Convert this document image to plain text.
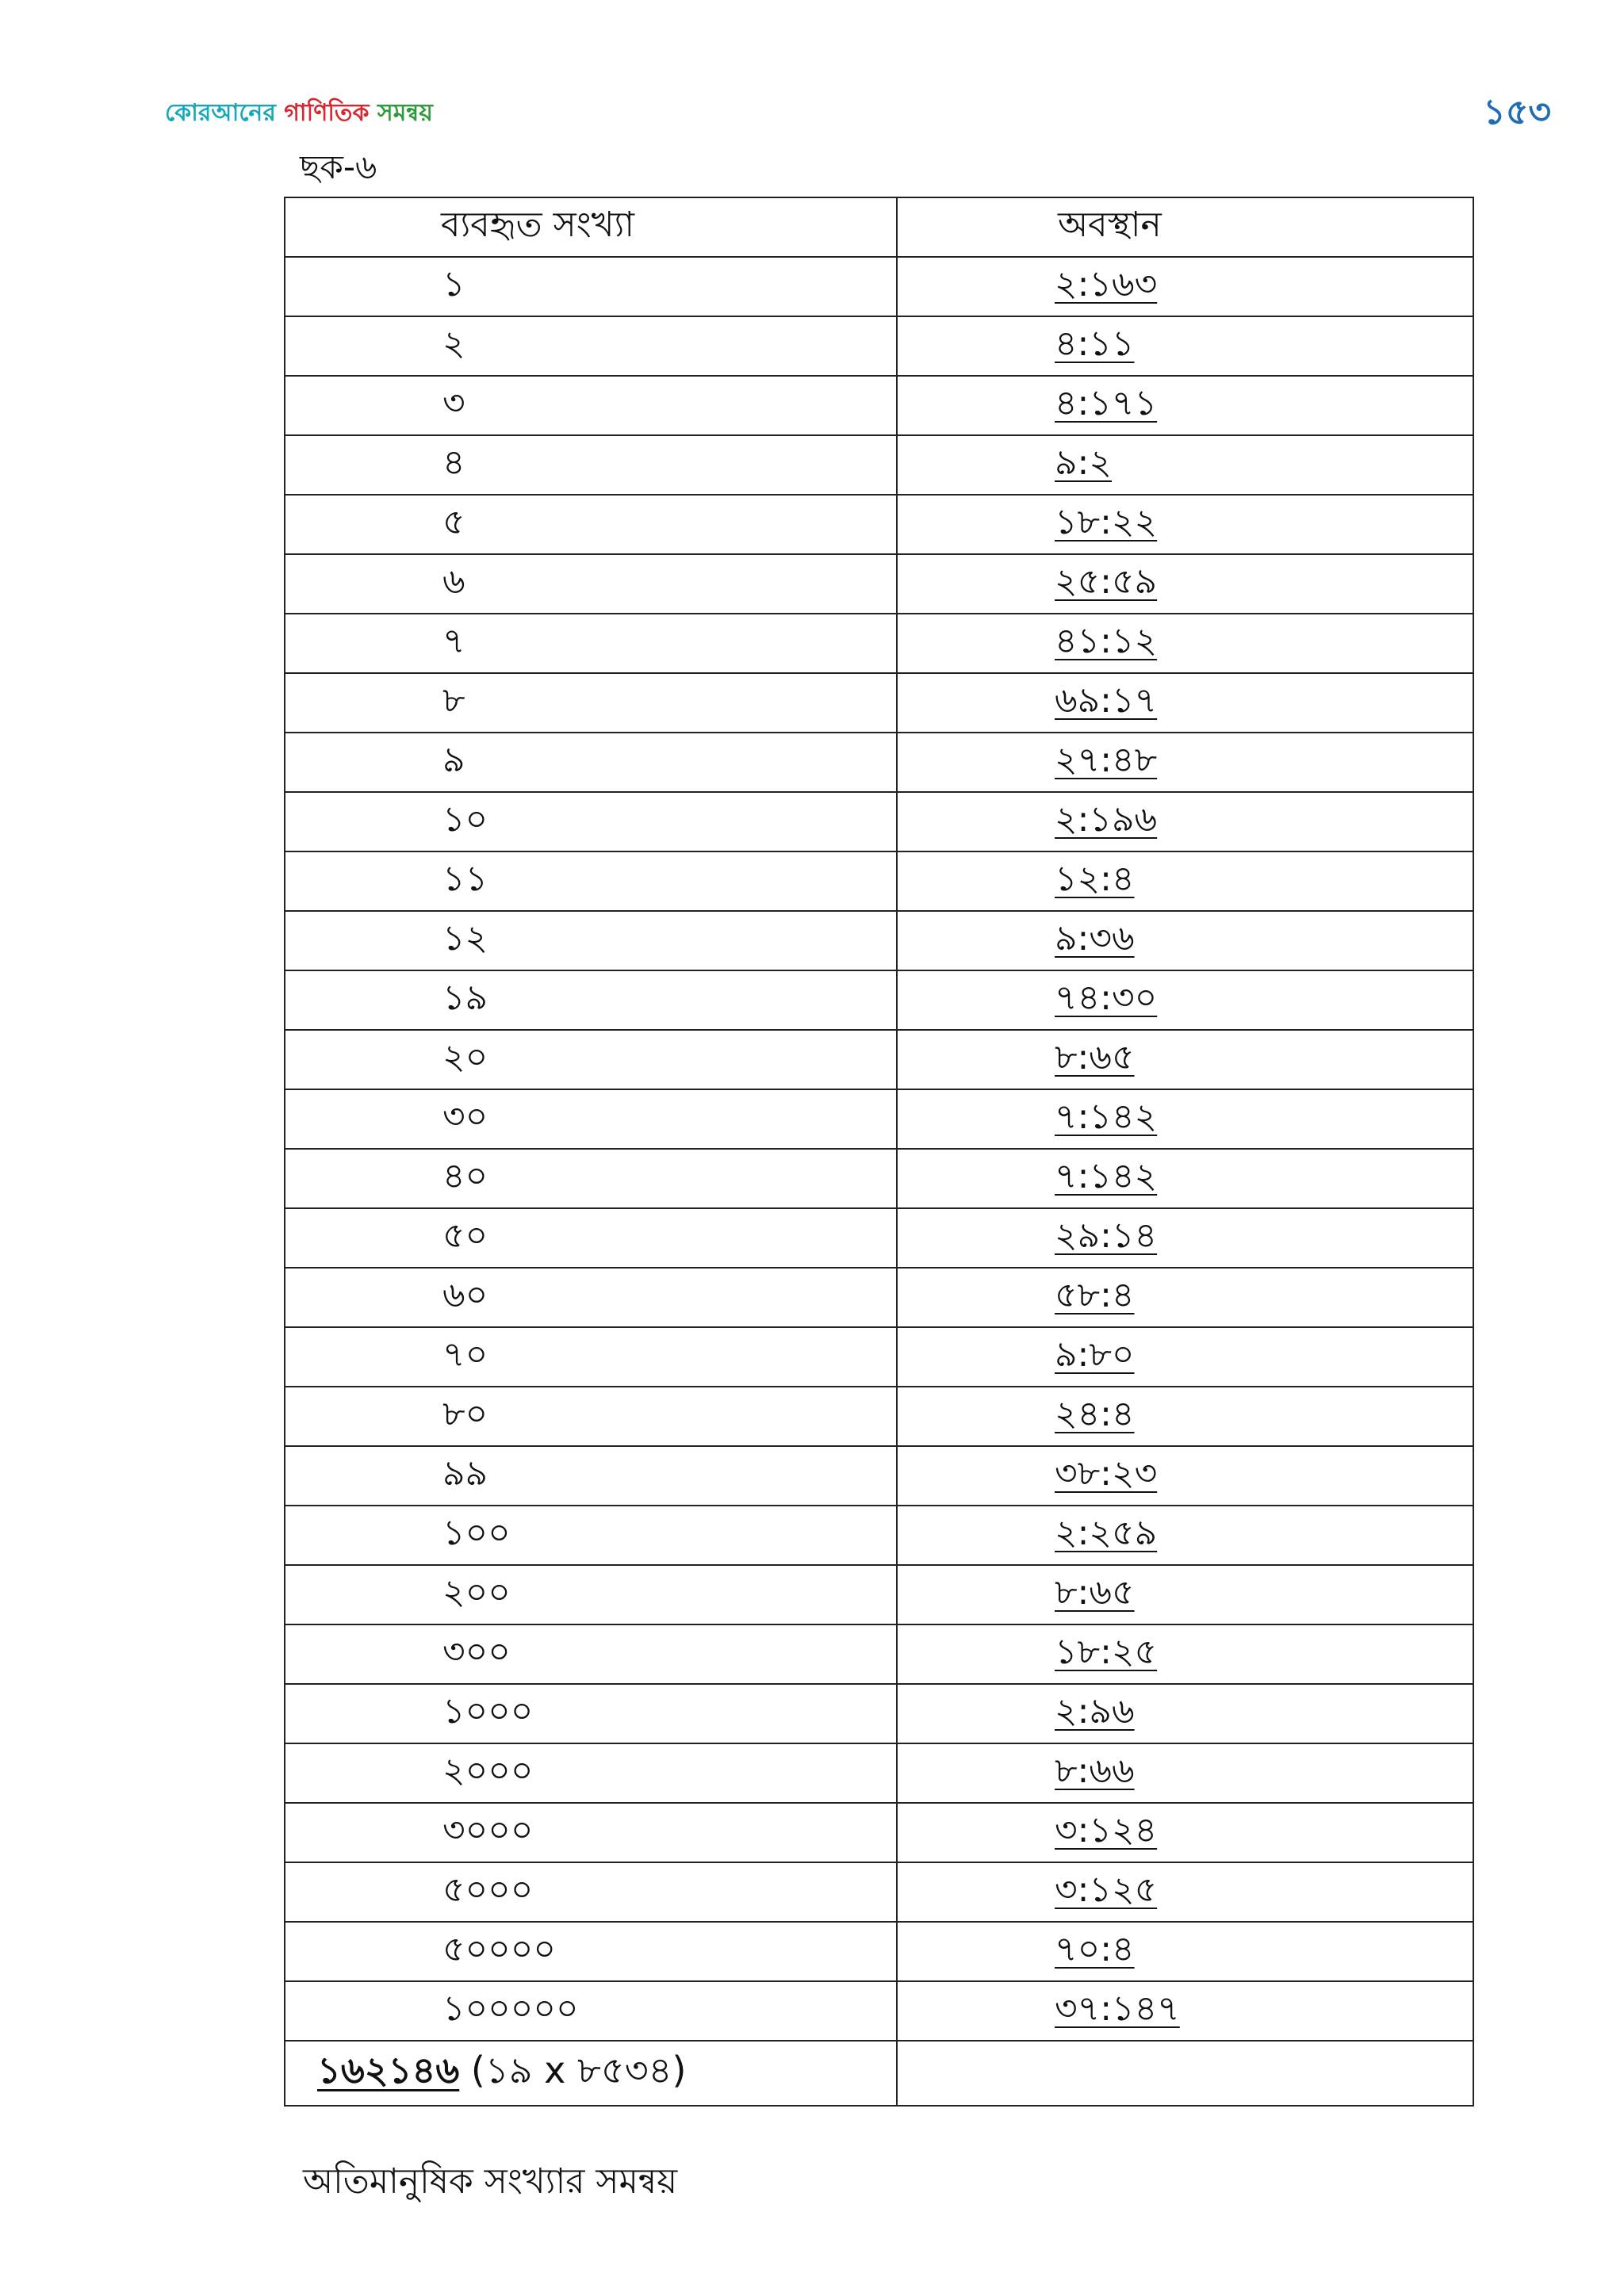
কোরআনের গাণিতিক সমন্বয়	১৫৩
ছক-৬
ব্যবহৃত সংখ্যা	অবস্থান
১	২:১৬৩
২	৪:১১
৩	৪:১৭১
৪	৯:২
৫	১৮:২২
৬	২৫:৫৯
৭	৪১:১২
৮	৬৯:১৭
৯	২৭:৪৮
১০	২:১৯৬
১১	১২:৪
১২	৯:৩৬
১৯	৭৪:৩০
২০	৮:৬৫
৩০	৭:১৪২
৪০	৭:১৪২
৫০	২৯:১৪
৬০	৫৮:৪
৭০	৯:৮০
৮০	২৪:৪
৯৯	৩৮:২৩
১০০	২:২৫৯
২০০	৮:৬৫
৩০০	১৮:২৫
১০০০	২:৯৬
২০০০	৮:৬৬
৩০০০	৩:১২৪
৫০০০	৩:১২৫
৫০০০০	৭০:৪
১০০০০০	৩৭:১৪৭
১৬২১৪৬ (১৯ x ৮৫৩৪)	
অতিমানুষিক সংখ্যার সমন্বয়
